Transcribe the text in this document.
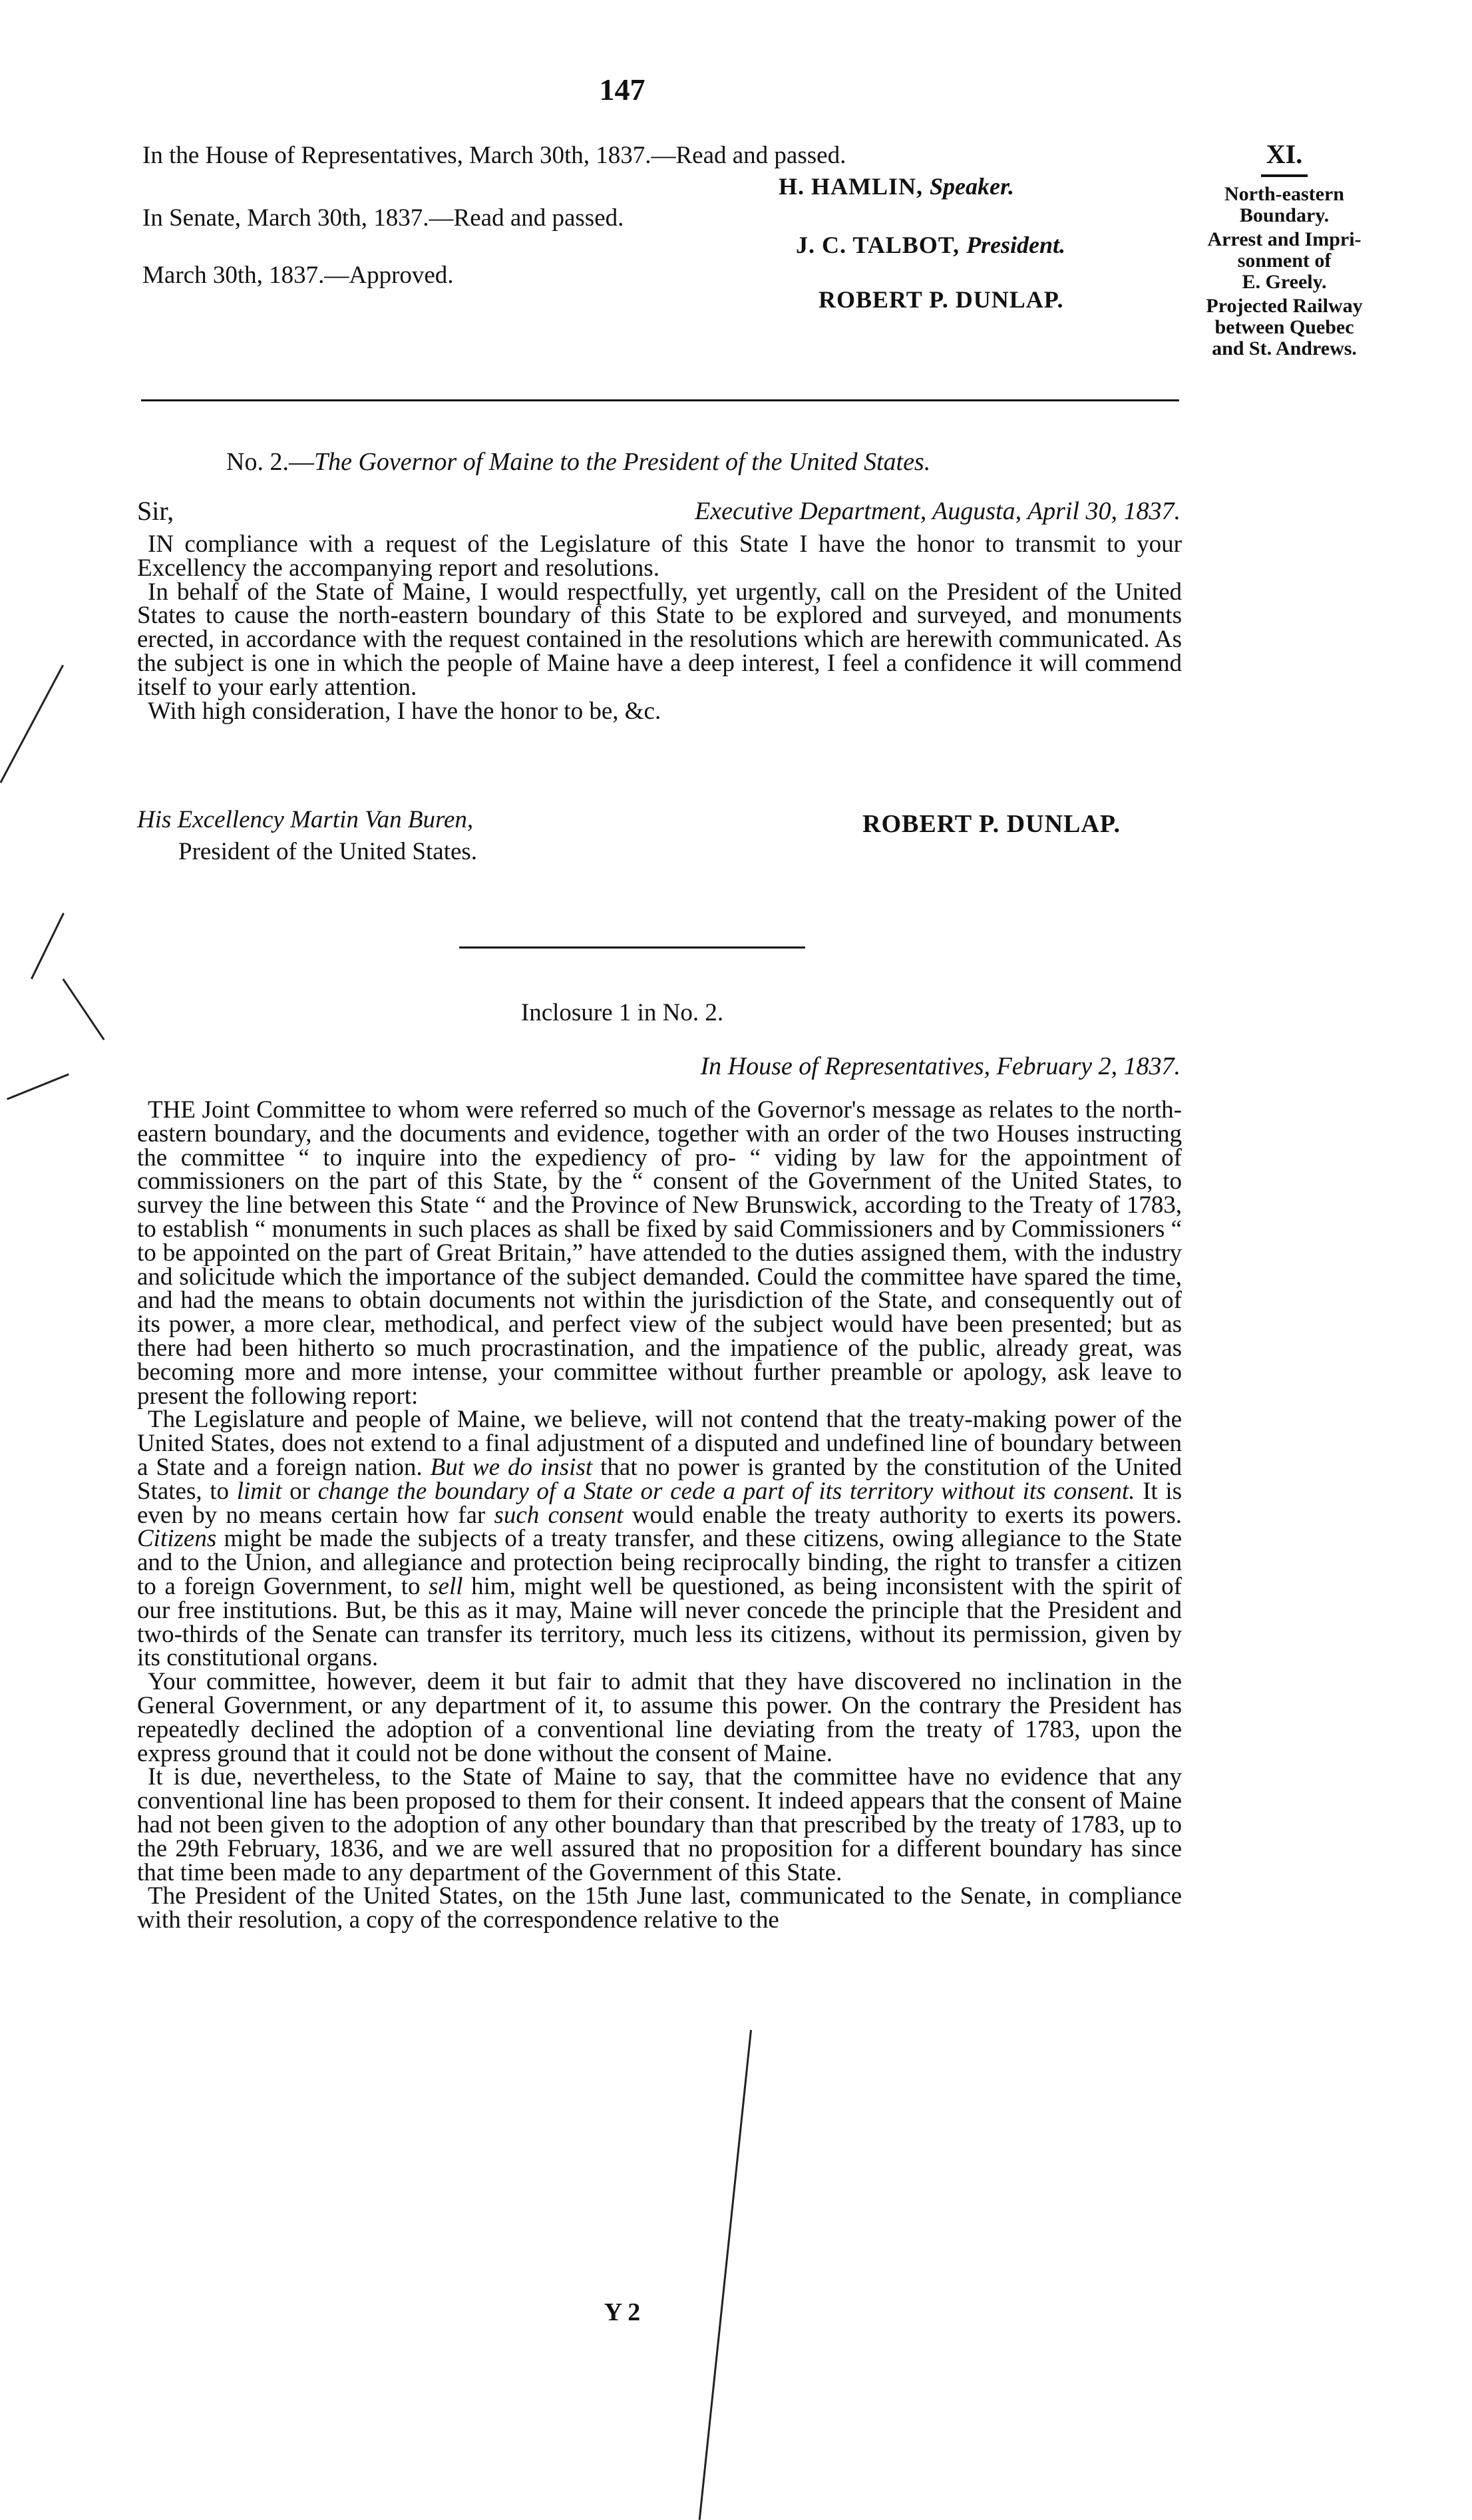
147
In the House of Representatives, March 30th, 1837.—Read and passed.
In Senate, March 30th, 1837.—Read and passed.
March 30th, 1837.—Approved.
H. HAMLIN, Speaker.
J. C. TALBOT, President.
ROBERT P. DUNLAP.
XI.

North-eastern

Boundary.

Arrest and Impri-

sonment of

E. Greely.

Projected Railway

between Quebec

and St. Andrews.

No. 2.—The Governor of Maine to the President of the United States.
Sir,	Executive Department, Augusta, April 30, 1837.

IN compliance with a request of the Legislature of this State I have the honor to transmit to your Excellency the accompanying report and resolutions.

In behalf of the State of Maine, I would respectfully, yet urgently, call on the President of the United States to cause the north-eastern boundary of this State to be explored and surveyed, and monuments erected, in accordance with the request contained in the resolutions which are herewith communicated. As the subject is one in which the people of Maine have a deep interest, I feel a confidence it will commend itself to your early attention.

With high consideration, I have the honor to be, &c.

His Excellency Martin Van Buren,
President of the United States.
ROBERT P. DUNLAP.
Inclosure 1 in No. 2.
In House of Representatives, February 2, 1837.

THE Joint Committee to whom were referred so much of the Governor's message as relates to the north-eastern boundary, and the documents and evidence, together with an order of the two Houses instructing the committee “ to inquire into the expediency of pro- “ viding by law for the appointment of commissioners on the part of this State, by the “ consent of the Government of the United States, to survey the line between this State “ and the Province of New Brunswick, according to the Treaty of 1783, to establish “ monuments in such places as shall be fixed by said Commissioners and by Commissioners “ to be appointed on the part of Great Britain,” have attended to the duties assigned them, with the industry and solicitude which the importance of the subject demanded. Could the committee have spared the time, and had the means to obtain documents not within the jurisdiction of the State, and consequently out of its power, a more clear, methodical, and perfect view of the subject would have been presented; but as there had been hitherto so much procrastination, and the impatience of the public, already great, was becoming more and more intense, your committee without further preamble or apology, ask leave to present the following report:

The Legislature and people of Maine, we believe, will not contend that the treaty-making power of the United States, does not extend to a final adjustment of a disputed and undefined line of boundary between a State and a foreign nation. But we do insist that no power is granted by the constitution of the United States, to limit or change the boundary of a State or cede a part of its territory without its consent. It is even by no means certain how far such consent would enable the treaty authority to exerts its powers. Citizens might be made the subjects of a treaty transfer, and these citizens, owing allegiance to the State and to the Union, and allegiance and protection being reciprocally binding, the right to transfer a citizen to a foreign Government, to sell him, might well be questioned, as being inconsistent with the spirit of our free institutions. But, be this as it may, Maine will never concede the principle that the President and two-thirds of the Senate can transfer its territory, much less its citizens, without its permission, given by its constitutional organs.

Your committee, however, deem it but fair to admit that they have discovered no inclination in the General Government, or any department of it, to assume this power. On the contrary the President has repeatedly declined the adoption of a conventional line deviating from the treaty of 1783, upon the express ground that it could not be done without the consent of Maine.

It is due, nevertheless, to the State of Maine to say, that the committee have no evidence that any conventional line has been proposed to them for their consent. It indeed appears that the consent of Maine had not been given to the adoption of any other boundary than that prescribed by the treaty of 1783, up to the 29th February, 1836, and we are well assured that no proposition for a different boundary has since that time been made to any department of the Government of this State.

The President of the United States, on the 15th June last, communicated to the Senate, in compliance with their resolution, a copy of the correspondence relative to the

Y 2
